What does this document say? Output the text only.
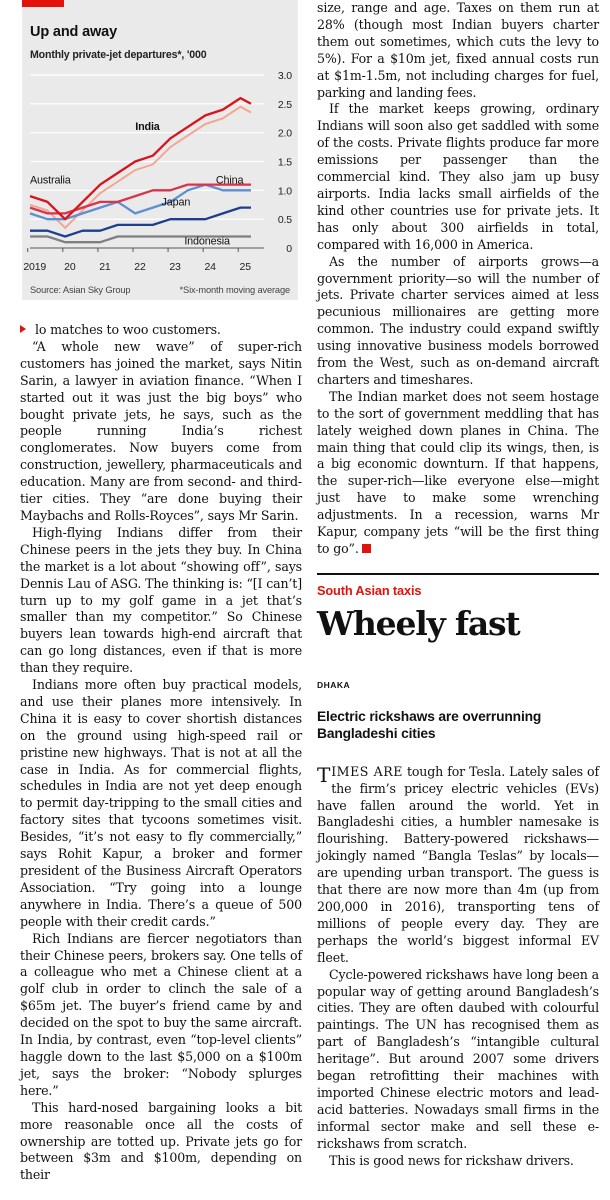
Up and away
Monthly private-jet departures*, '000
0
0.5
1.0
1.5
2.0
2.5
3.0
2019 20 21 22 23 24 25
India
Australia	China
Japan
Indonesia
Source: Asian Sky Group	*Six-month moving average

lo matches to woo customers.

“A whole new wave” of super-rich customers has joined the market, says Nitin Sarin, a lawyer in aviation finance. “When I started out it was just the big boys” who bought private jets, he says, such as the people running India’s richest conglomerates. Now buyers come from construction, jewellery, pharmaceuticals and education. Many are from second- and third-tier cities. They “are done buying their Maybachs and Rolls-Royces”, says Mr Sarin.

High-flying Indians differ from their Chinese peers in the jets they buy. In China the market is a lot about “showing off”, says Dennis Lau of ASG. The thinking is: “[I can’t] turn up to my golf game in a jet that’s smaller than my competitor.” So Chinese buyers lean towards high-end aircraft that can go long distances, even if that is more than they require.

Indians more often buy practical models, and use their planes more intensively. In China it is easy to cover shortish distances on the ground using high-speed rail or pristine new highways. That is not at all the case in India. As for commercial flights, schedules in India are not yet deep enough to permit day-tripping to the small cities and factory sites that tycoons sometimes visit. Besides, “it’s not easy to fly commercially,” says Rohit Kapur, a broker and former president of the Business Aircraft Operators Association. “Try going into a lounge anywhere in India. There’s a queue of 500 people with their credit cards.”

Rich Indians are fiercer negotiators than their Chinese peers, brokers say. One tells of a colleague who met a Chinese client at a golf club in order to clinch the sale of a $65m jet. The buyer’s friend came by and decided on the spot to buy the same aircraft. In India, by contrast, even “top-level clients” haggle down to the last $5,000 on a $100m jet, says the broker: “Nobody splurges here.”

This hard-nosed bargaining looks a bit more reasonable once all the costs of ownership are totted up. Private jets go for between $3m and $100m, depending on their

size, range and age. Taxes on them run at 28% (though most Indian buyers charter them out sometimes, which cuts the levy to 5%). For a $10m jet, fixed annual costs run at $1m-1.5m, not including charges for fuel, parking and landing fees.

If the market keeps growing, ordinary Indians will soon also get saddled with some of the costs. Private flights produce far more emissions per passenger than the commercial kind. They also jam up busy airports. India lacks small airfields of the kind other countries use for private jets. It has only about 300 airfields in total, compared with 16,000 in America.

As the number of airports grows—a government priority—so will the number of jets. Private charter services aimed at less pecunious millionaires are getting more common. The industry could expand swiftly using innovative business models borrowed from the West, such as on-demand aircraft charters and timeshares.

The Indian market does not seem hostage to the sort of government meddling that has lately weighed down planes in China. The main thing that could clip its wings, then, is a big economic downturn. If that happens, the super-rich—like everyone else—might just have to make some wrenching adjustments. In a recession, warns Mr Kapur, company jets “will be the first thing to go”.

South Asian taxis
Wheely fast
DHAKA
Electric rickshaws are overrunning Bangladeshi cities

TIMES ARE tough for Tesla. Lately sales of the firm’s pricey electric vehicles (EVs) have fallen around the world. Yet in Bangladeshi cities, a humbler namesake is flourishing. Battery-powered rickshaws—jokingly named “Bangla Teslas” by locals—are upending urban transport. The guess is that there are now more than 4m (up from 200,000 in 2016), transporting tens of millions of people every day. They are perhaps the world’s biggest informal EV fleet.

Cycle-powered rickshaws have long been a popular way of getting around Bangladesh’s cities. They are often daubed with colourful paintings. The UN has recognised them as part of Bangladesh’s “intangible cultural heritage”. But around 2007 some drivers began retrofitting their machines with imported Chinese electric motors and lead-acid batteries. Nowadays small firms in the informal sector make and sell these e-rickshaws from scratch.

This is good news for rickshaw drivers.
